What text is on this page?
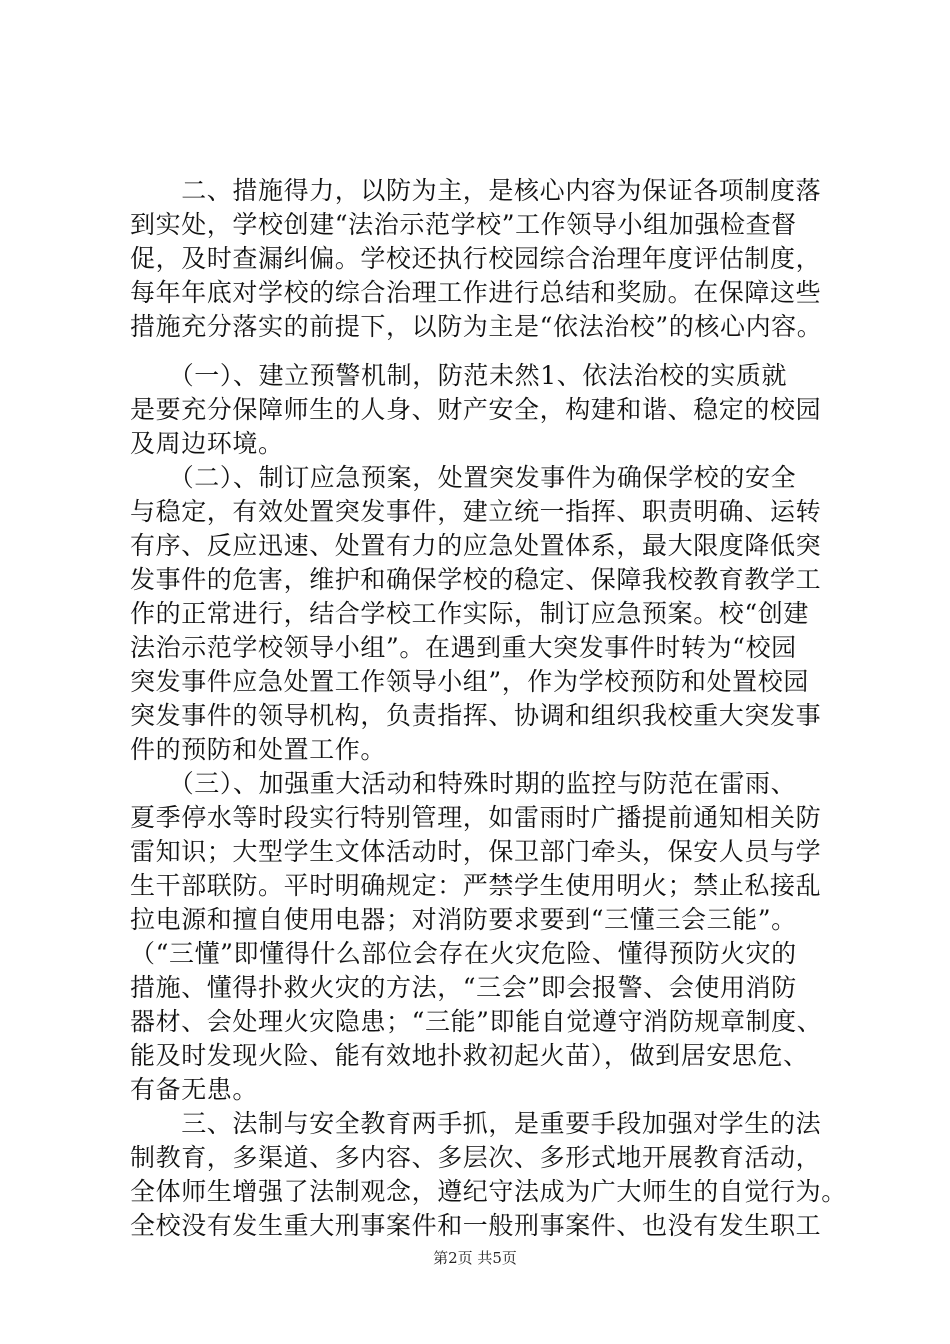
　　二、措施得力，以防为主，是核心内容为保证各项制度落
到实处，学校创建“法治示范学校”工作领导小组加强检查督
促，及时查漏纠偏。学校还执行校园综合治理年度评估制度，
每年年底对学校的综合治理工作进行总结和奖励。在保障这些
措施充分落实的前提下，以防为主是“依法治校”的核心内容。
　　（一）、建立预警机制，防范未然1、依法治校的实质就
是要充分保障师生的人身、财产安全，构建和谐、稳定的校园
及周边环境。
　　（二）、制订应急预案，处置突发事件为确保学校的安全
与稳定，有效处置突发事件，建立统一指挥、职责明确、运转
有序、反应迅速、处置有力的应急处置体系，最大限度降低突
发事件的危害，维护和确保学校的稳定、保障我校教育教学工
作的正常进行，结合学校工作实际，制订应急预案。校“创建
法治示范学校领导小组”。在遇到重大突发事件时转为“校园
突发事件应急处置工作领导小组”，作为学校预防和处置校园
突发事件的领导机构，负责指挥、协调和组织我校重大突发事
件的预防和处置工作。
　　（三）、加强重大活动和特殊时期的监控与防范在雷雨、
夏季停水等时段实行特别管理，如雷雨时广播提前通知相关防
雷知识；大型学生文体活动时，保卫部门牵头，保安人员与学
生干部联防。平时明确规定：严禁学生使用明火；禁止私接乱
拉电源和擅自使用电器；对消防要求要到“三懂三会三能”。
（“三懂”即懂得什么部位会存在火灾危险、懂得预防火灾的
措施、懂得扑救火灾的方法，“三会”即会报警、会使用消防
器材、会处理火灾隐患；“三能”即能自觉遵守消防规章制度、
能及时发现火险、能有效地扑救初起火苗），做到居安思危、
有备无患。
　　三、法制与安全教育两手抓，是重要手段加强对学生的法
制教育，多渠道、多内容、多层次、多形式地开展教育活动，
全体师生增强了法制观念，遵纪守法成为广大师生的自觉行为。
全校没有发生重大刑事案件和一般刑事案件、也没有发生职工
第2页 共5页
